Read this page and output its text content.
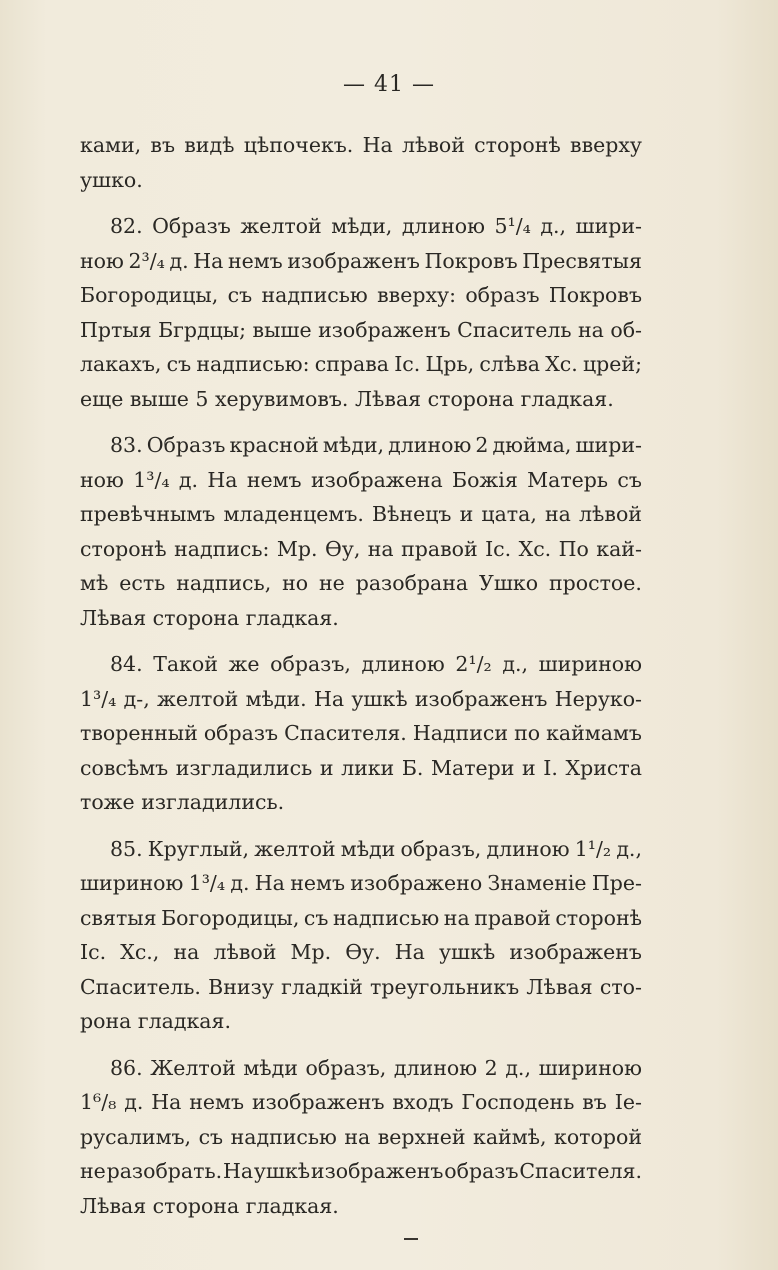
— 41 —
ками, въ видѣ цѣпочекъ. На лѣвой сторонѣ вверху
ушко.
82. Образъ желтой мѣди, длиною 5¹/₄ д., шири-
ною 2³/₄ д. На немъ изображенъ Покровъ Пресвятыя
Богородицы, съ надписью вверху: образъ Покровъ
Пртыя Бгрдцы; выше изображенъ Спаситель на об-
лакахъ, съ надписью: справа Іс. Црь, слѣва Хс. црей;
еще выше 5 херувимовъ. Лѣвая сторона гладкая.
83. Образъ красной мѣди, длиною 2 дюйма, шири-
ною 1³/₄ д. На немъ изображена Божія Матерь съ
превѣчнымъ младенцемъ. Вѣнецъ и цата, на лѣвой
сторонѣ надпись: Мр. Өу, на правой Іс. Хс. По кай-
мѣ есть надпись, но не разобрана Ушко простое.
Лѣвая сторона гладкая.
84. Такой же образъ, длиною 2¹/₂ д., шириною
1³/₄ д-, желтой мѣди. На ушкѣ изображенъ Неруко-
творенный образъ Спасителя. Надписи по каймамъ
совсѣмъ изгладились и лики Б. Матери и І. Христа
тоже изгладились.
85. Круглый, желтой мѣди образъ, длиною 1¹/₂ д.,
шириною 1³/₄ д. На немъ изображено Знаменіе Пре-
святыя Богородицы, съ надписью на правой сторонѣ
Іс. Хс., на лѣвой Мр. Өу. На ушкѣ изображенъ
Спаситель. Внизу гладкій треугольникъ Лѣвая сто-
рона гладкая.
86. Желтой мѣди образъ, длиною 2 д., шириною
1⁶/₈ д. На немъ изображенъ входъ Господень въ Іе-
русалимъ, съ надписью на верхней каймѣ, которой
не разобрать. На ушкѣ изображенъ образъ Спасителя.
Лѣвая сторона гладкая.
